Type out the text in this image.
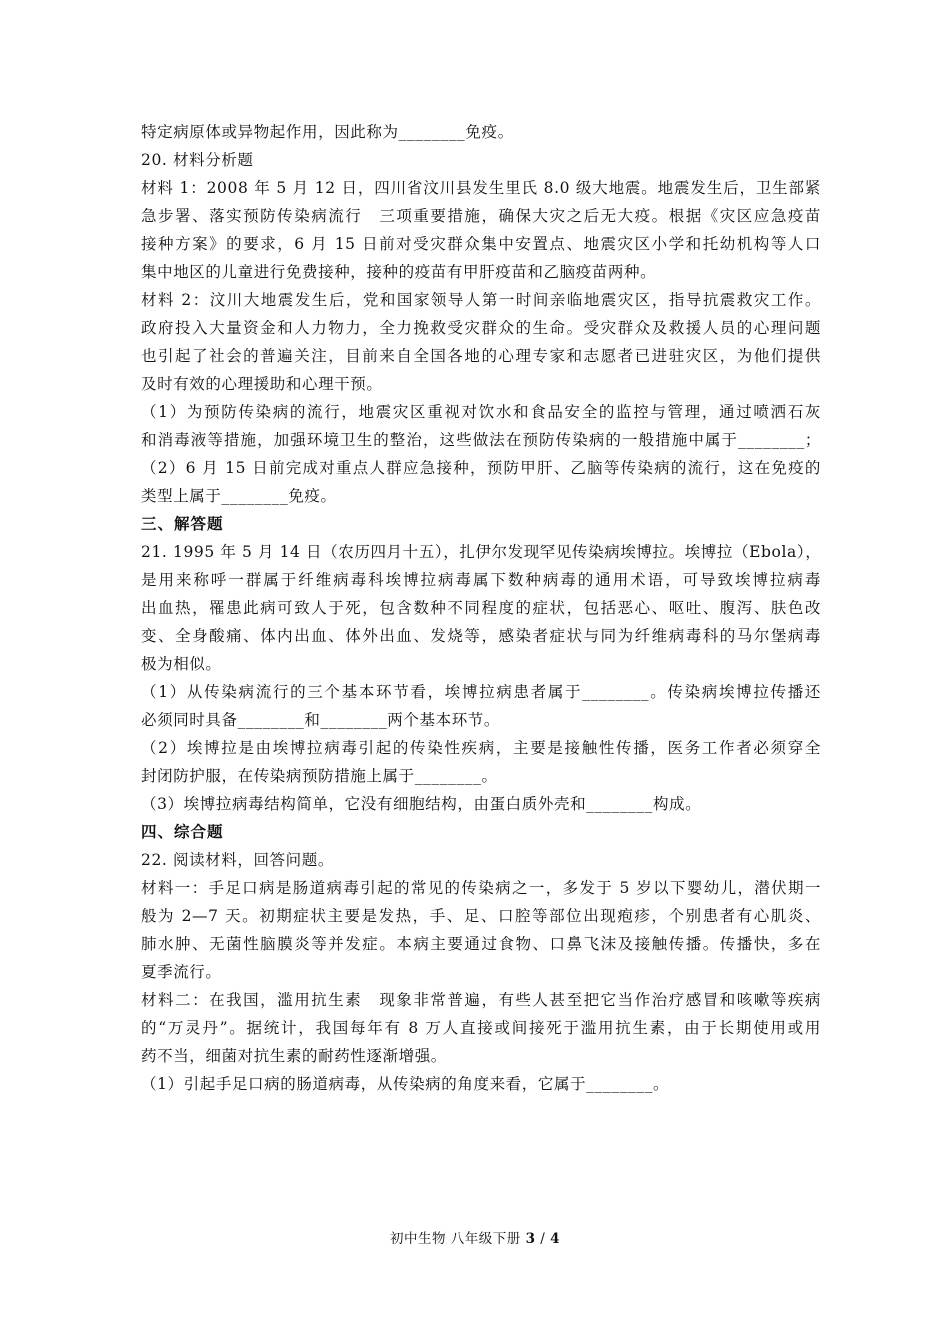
特定病原体或异物起作用，因此称为________免疫。
20. 材料分析题
材料 1：2008 年 5 月 12 日，四川省汶川县发生里氏 8.0 级大地震。地震发生后，卫生部紧
急步署、落实预防传染病流行　三项重要措施，确保大灾之后无大疫。根据《灾区应急疫苗
接种方案》的要求，6 月 15 日前对受灾群众集中安置点、地震灾区小学和托幼机构等人口
集中地区的儿童进行免费接种，接种的疫苗有甲肝疫苗和乙脑疫苗两种。
材料 2：汶川大地震发生后，党和国家领导人第一时间亲临地震灾区，指导抗震救灾工作。
政府投入大量资金和人力物力，全力挽救受灾群众的生命。受灾群众及救援人员的心理问题
也引起了社会的普遍关注，目前来自全国各地的心理专家和志愿者已进驻灾区，为他们提供
及时有效的心理援助和心理干预。
（1）为预防传染病的流行，地震灾区重视对饮水和食品安全的监控与管理，通过喷洒石灰
和消毒液等措施，加强环境卫生的整治，这些做法在预防传染病的一般措施中属于________；
（2）6 月 15 日前完成对重点人群应急接种，预防甲肝、乙脑等传染病的流行，这在免疫的
类型上属于________免疫。
三、解答题
21. 1995 年 5 月 14 日（农历四月十五），扎伊尔发现罕见传染病埃博拉。埃博拉（Ebola），
是用来称呼一群属于纤维病毒科埃博拉病毒属下数种病毒的通用术语，可导致埃博拉病毒
出血热，罹患此病可致人于死，包含数种不同程度的症状，包括恶心、呕吐、腹泻、肤色改
变、全身酸痛、体内出血、体外出血、发烧等，感染者症状与同为纤维病毒科的马尔堡病毒
极为相似。
（1）从传染病流行的三个基本环节看，埃博拉病患者属于________。传染病埃博拉传播还
必须同时具备________和________两个基本环节。
（2）埃博拉是由埃博拉病毒引起的传染性疾病，主要是接触性传播，医务工作者必须穿全
封闭防护服，在传染病预防措施上属于________。
（3）埃博拉病毒结构简单，它没有细胞结构，由蛋白质外壳和________构成。
四、综合题
22. 阅读材料，回答问题。
材料一：手足口病是肠道病毒引起的常见的传染病之一，多发于 5 岁以下婴幼儿，潜伏期一
般为 2—7 天。初期症状主要是发热，手、足、口腔等部位出现疱疹，个别患者有心肌炎、
肺水肿、无菌性脑膜炎等并发症。本病主要通过食物、口鼻飞沫及接触传播。传播快，多在
夏季流行。
材料二：在我国，滥用抗生素　现象非常普遍，有些人甚至把它当作治疗感冒和咳嗽等疾病
的“万灵丹”。据统计，我国每年有 8 万人直接或间接死于滥用抗生素，由于长期使用或用
药不当，细菌对抗生素的耐药性逐渐增强。
（1）引起手足口病的肠道病毒，从传染病的角度来看，它属于________。
初中生物 八年级下册 3 / 4
